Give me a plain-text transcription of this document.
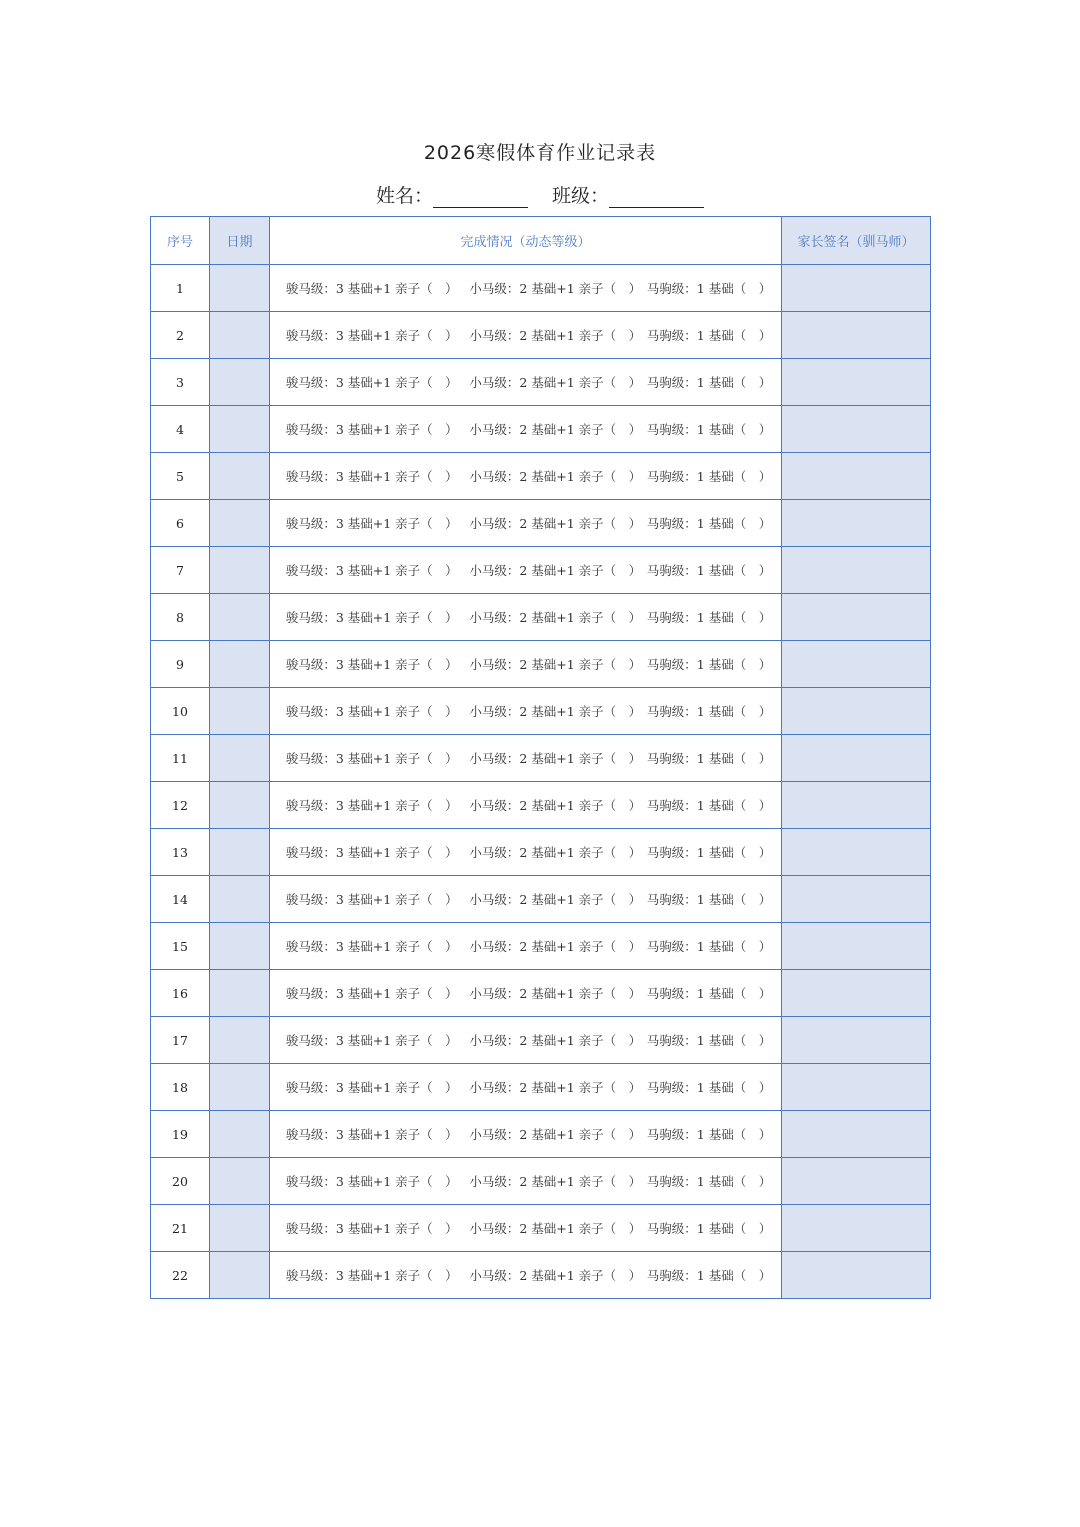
2026寒假体育作业记录表
姓名：	班级：
序号	日期	完成情况（动态等级）	家长签名（驯马师）
1		骏马级：3 基础+1 亲子（　） 小马级：2 基础+1 亲子（　） 马驹级：1 基础（　）	
2		骏马级：3 基础+1 亲子（　） 小马级：2 基础+1 亲子（　） 马驹级：1 基础（　）	
3		骏马级：3 基础+1 亲子（　） 小马级：2 基础+1 亲子（　） 马驹级：1 基础（　）	
4		骏马级：3 基础+1 亲子（　） 小马级：2 基础+1 亲子（　） 马驹级：1 基础（　）	
5		骏马级：3 基础+1 亲子（　） 小马级：2 基础+1 亲子（　） 马驹级：1 基础（　）	
6		骏马级：3 基础+1 亲子（　） 小马级：2 基础+1 亲子（　） 马驹级：1 基础（　）	
7		骏马级：3 基础+1 亲子（　） 小马级：2 基础+1 亲子（　） 马驹级：1 基础（　）	
8		骏马级：3 基础+1 亲子（　） 小马级：2 基础+1 亲子（　） 马驹级：1 基础（　）	
9		骏马级：3 基础+1 亲子（　） 小马级：2 基础+1 亲子（　） 马驹级：1 基础（　）	
10		骏马级：3 基础+1 亲子（　） 小马级：2 基础+1 亲子（　） 马驹级：1 基础（　）	
11		骏马级：3 基础+1 亲子（　） 小马级：2 基础+1 亲子（　） 马驹级：1 基础（　）	
12		骏马级：3 基础+1 亲子（　） 小马级：2 基础+1 亲子（　） 马驹级：1 基础（　）	
13		骏马级：3 基础+1 亲子（　） 小马级：2 基础+1 亲子（　） 马驹级：1 基础（　）	
14		骏马级：3 基础+1 亲子（　） 小马级：2 基础+1 亲子（　） 马驹级：1 基础（　）	
15		骏马级：3 基础+1 亲子（　） 小马级：2 基础+1 亲子（　） 马驹级：1 基础（　）	
16		骏马级：3 基础+1 亲子（　） 小马级：2 基础+1 亲子（　） 马驹级：1 基础（　）	
17		骏马级：3 基础+1 亲子（　） 小马级：2 基础+1 亲子（　） 马驹级：1 基础（　）	
18		骏马级：3 基础+1 亲子（　） 小马级：2 基础+1 亲子（　） 马驹级：1 基础（　）	
19		骏马级：3 基础+1 亲子（　） 小马级：2 基础+1 亲子（　） 马驹级：1 基础（　）	
20		骏马级：3 基础+1 亲子（　） 小马级：2 基础+1 亲子（　） 马驹级：1 基础（　）	
21		骏马级：3 基础+1 亲子（　） 小马级：2 基础+1 亲子（　） 马驹级：1 基础（　）	
22		骏马级：3 基础+1 亲子（　） 小马级：2 基础+1 亲子（　） 马驹级：1 基础（　）	
